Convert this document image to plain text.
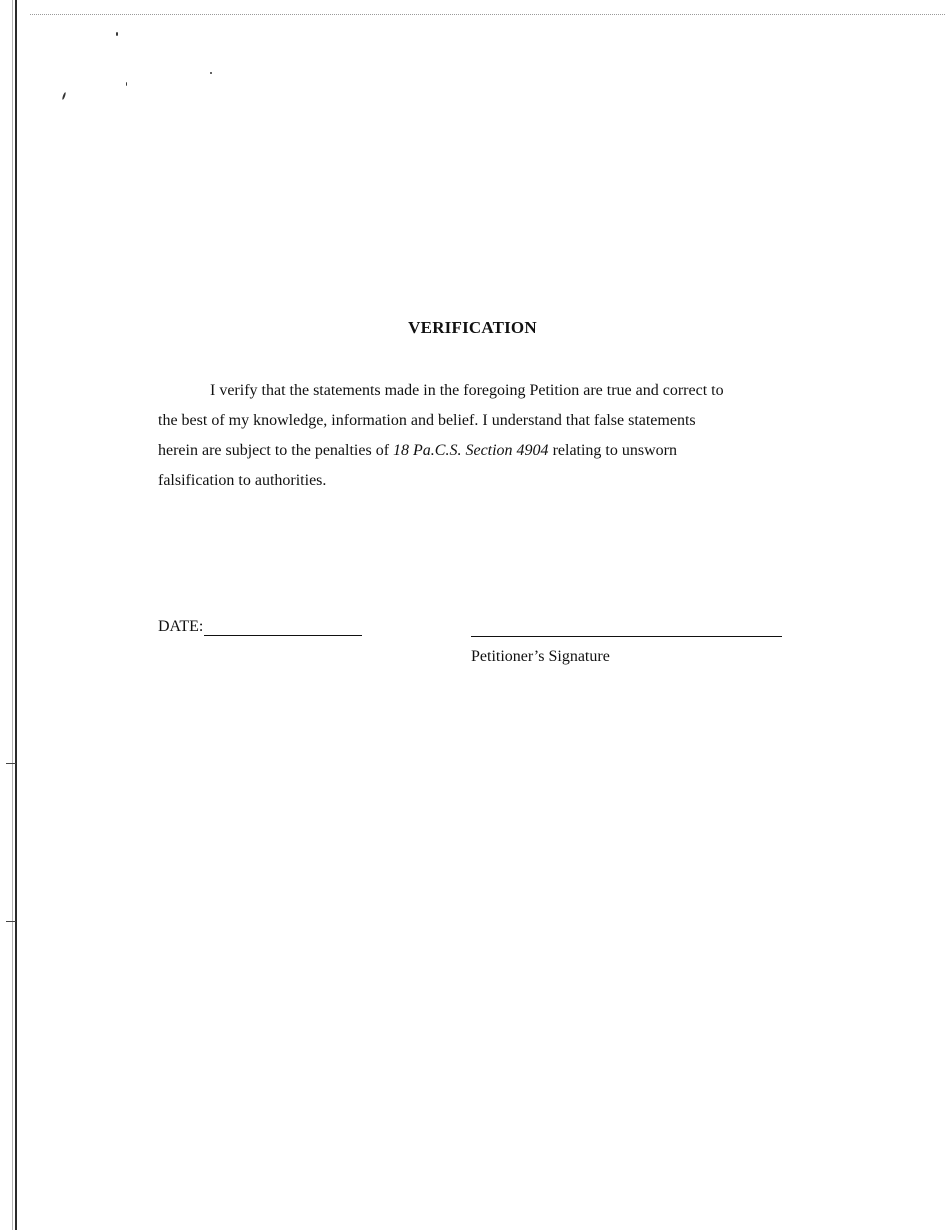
VERIFICATION
I verify that the statements made in the foregoing Petition are true and correct to
the best of my knowledge, information and belief. I understand that false statements
herein are subject to the penalties of 18 Pa.C.S. Section 4904 relating to unsworn
falsification to authorities.
DATE:
Petitioner’s Signature
